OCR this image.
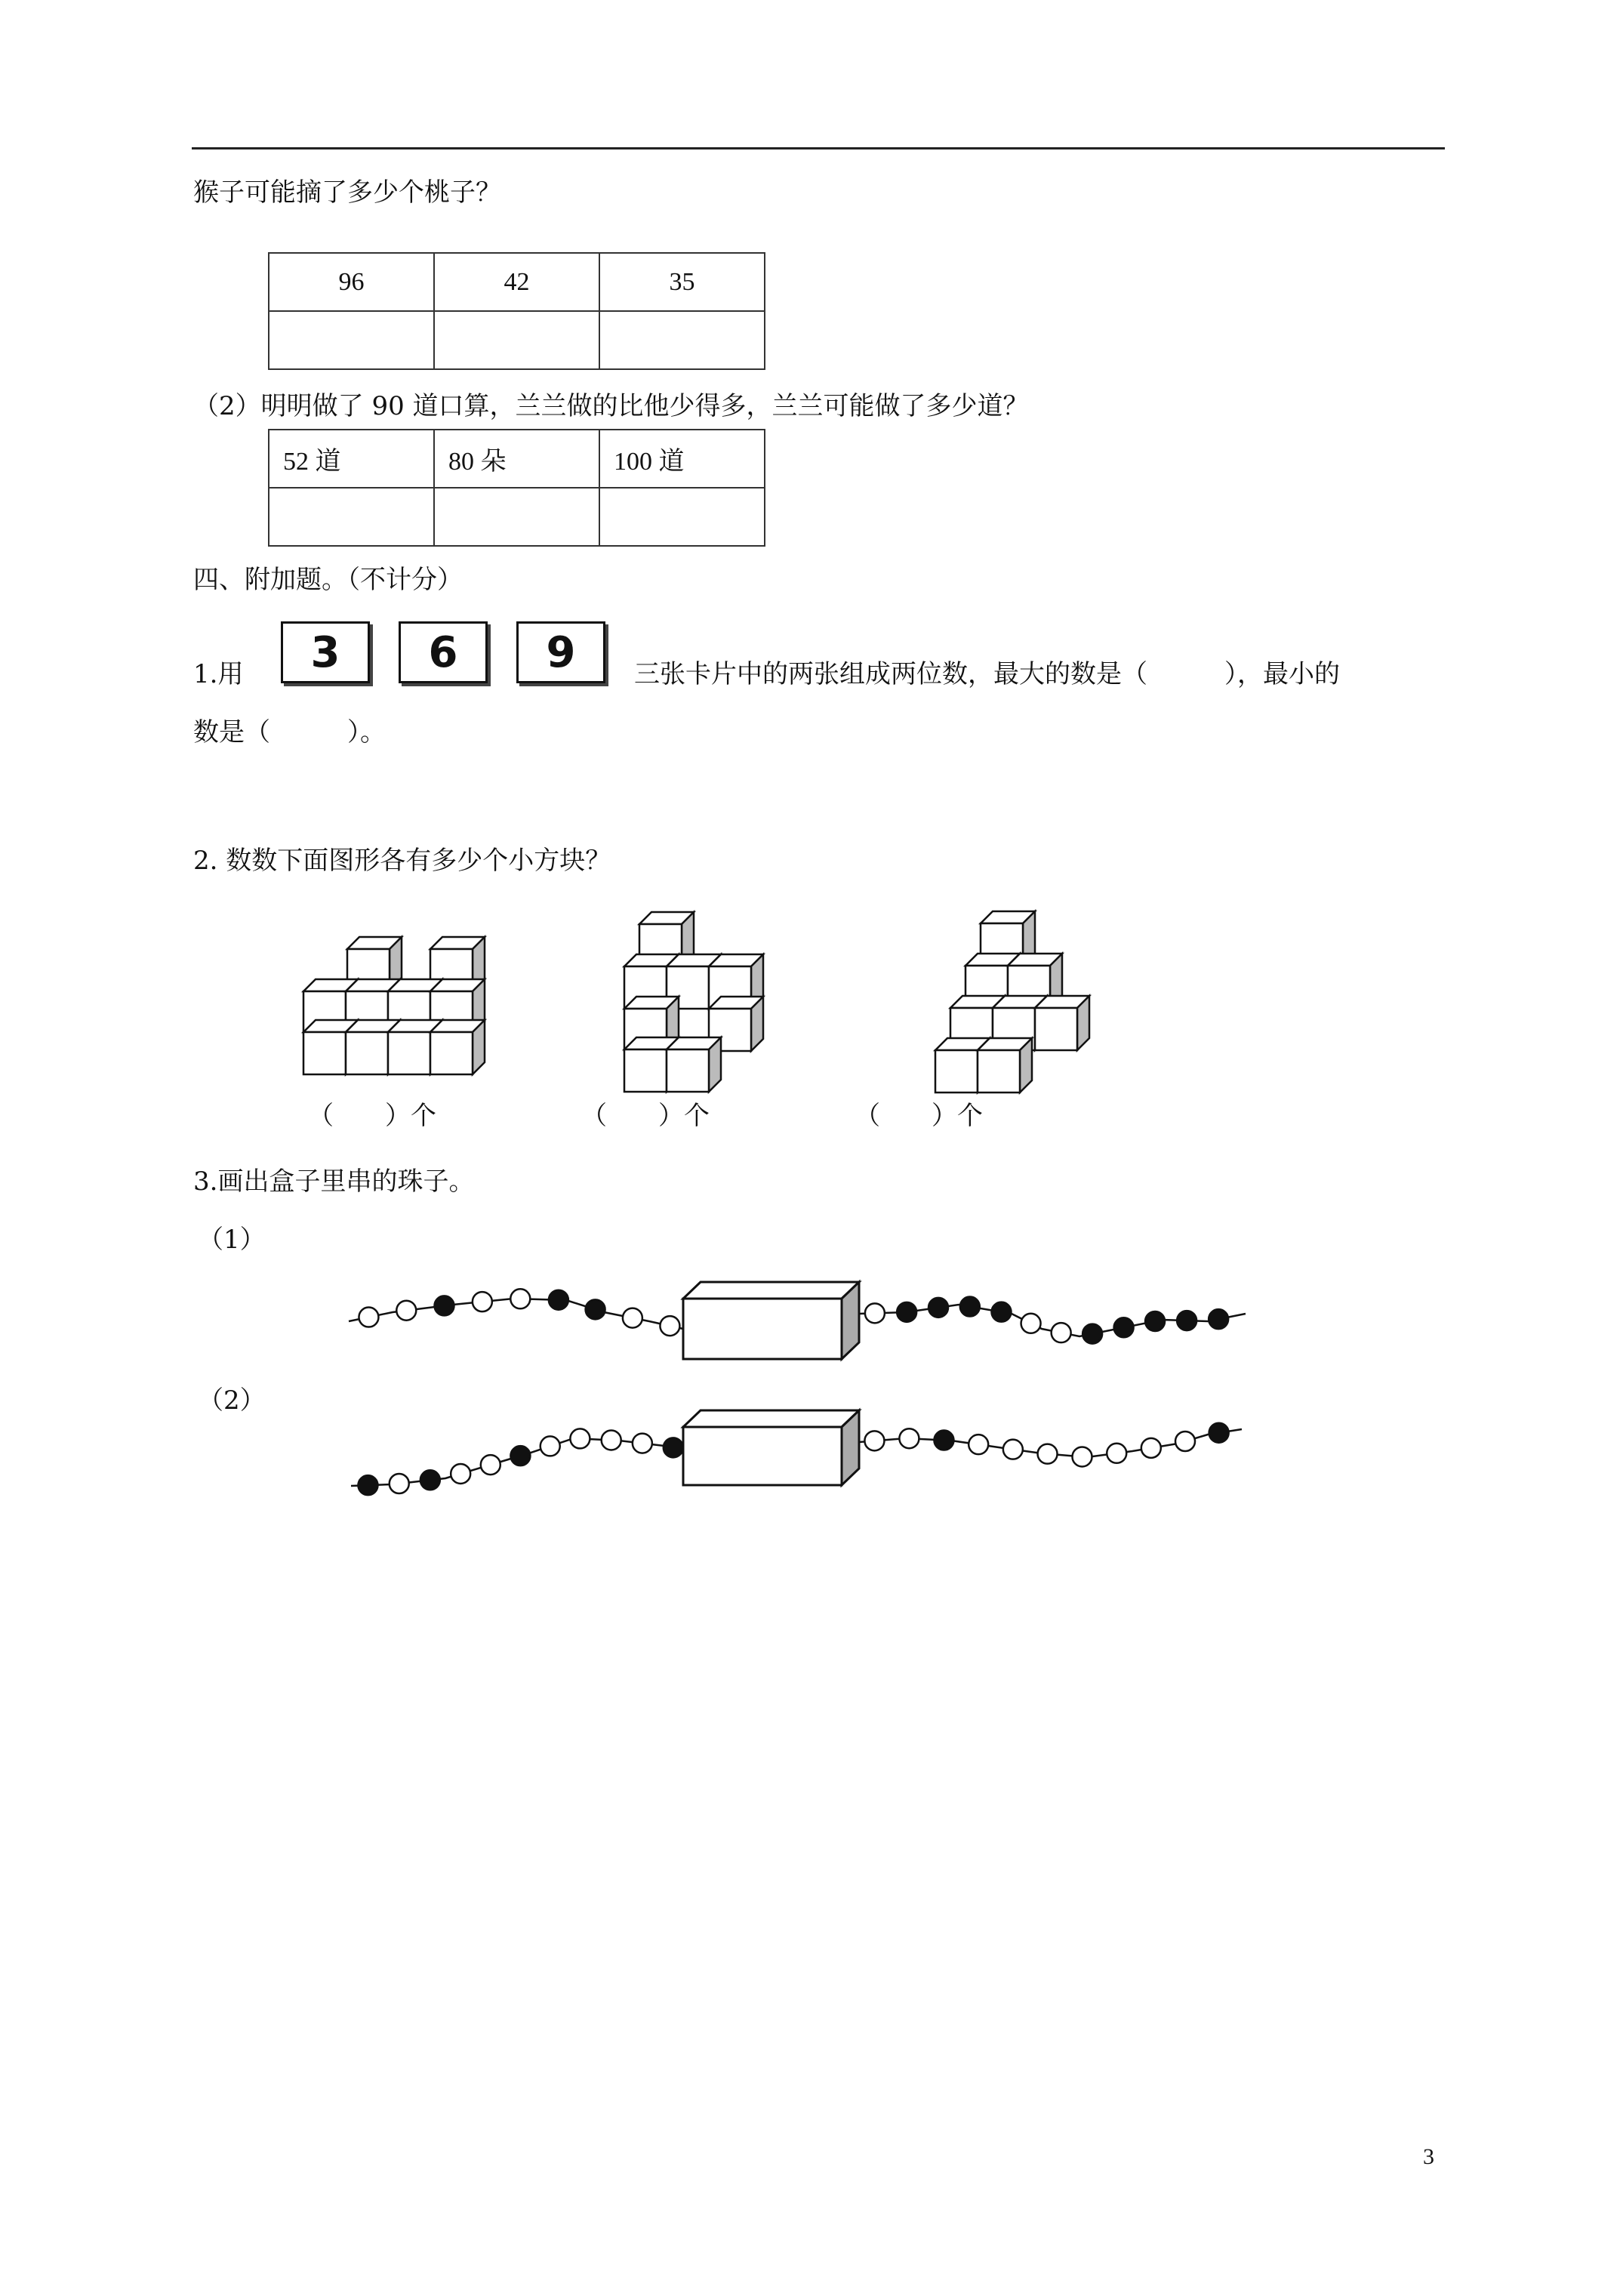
猴子可能摘了多少个桃子？
96	42	35

（2）明明做了 90 道口算，兰兰做的比他少得多，兰兰可能做了多少道？
52 道	80 朵	100 道

四、附加题。（不计分）
1.用	3	6	9	三张卡片中的两张组成两位数，最大的数是（　　　），最小的
数是（　　　）。
2. 数数下面图形各有多少个小方块？
（　　）个	（　　）个	（　　）个
3.画出盒子里串的珠子。
（1）
（2）
3
